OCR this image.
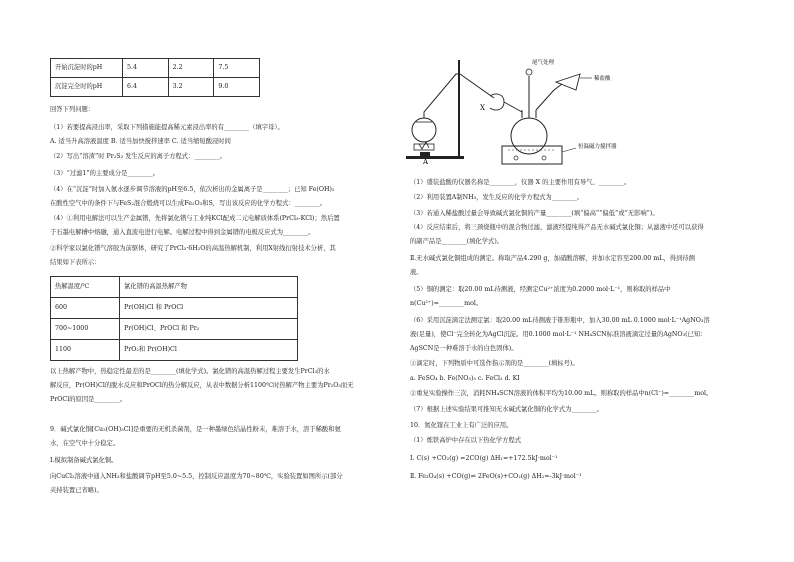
开始沉淀时的pH	5.4	2.2	7.5
沉淀完全时的pH	6.4	3.2	9.0
回答下列问题：
（1）若要提高浸出率，采取下列措施能提高稀元素浸出率的有________（填字母）。
A. 适当升高溶液温度 B. 适当加快搅拌速率 C. 适当缩短酸浸时间
（2）写出“溶渣”时 Pr₂S₃ 发生反应的离子方程式：________。
（3）“过滤1”的主要成分是________。
（4）在“沉淀”时加入氨水逐步调节溶液的pH至6.5，依次析出的金属离子是________；已知 Fe(OH)₂
在酸性空气中的条件下与FeS₂混合煅烧可以生成Fe₂O₃和S，写出该反应的化学方程式：________。
（4）①利用电解法可以生产金属镨，先将氯化镨与工业纯KCl配成二元电解质体系(PrCl₃-KCl)；然后置
于石墨电解槽中熔融，通入直流电进行电解。电解过程中得到金属镨的电极反应式为________。
②科学家以氯化镨气溶胶为前驱体，研究了PrCl₃·6H₂O的高温热解机制，利用X射线衍射技术分析，其
结果如下表所示：
热解温度/℃	氯化镨的高温热解产物
600	Pr(OH)Cl 和 PrOCl
700~1000	Pr(OH)Cl、PrOCl 和 Pr₂
1100	PrO₂和 Pr(OH)Cl
以上热解产物中，热稳定性最差的是________(填化学式)。氯化镨的高温热解过程主要发生PrCl₃的水
解反应，Pr(OH)Cl的脱水反应和PrOCl的热分解反应，从表中数据分析1100℃时热解产物主要为Pr₂O₃而无
PrOCl的原因是________。
9．碱式氯化铜[Cu₂(OH)₃Cl]是重要的无机杀菌剂，是一种墨绿色结晶性粉末，难溶于水，溶于稀酸和氨
水，在空气中十分稳定。
Ⅰ.模拟制备碱式氯化铜。
向CuCl₂溶液中通入NH₃和盐酸调节pH至5.0~5.5，控制反应温度为70~80℃，实验装置如图所示(部分
夹持装置已省略)。
A
X
尾气处理
稀盐酸
恒温磁力搅拌器
（1）盛装盐酸的仪器名称是________，仪器 X 的主要作用有导气、________。
（2）利用装置A制NH₃，发生反应的化学方程式为________。
（3）若通入稀盐酸过量会导致碱式氯化铜的产量________(填“偏高”“偏低”或“无影响”)。
（4）反应结束后，将三颈烧瓶中的混合物过滤，滤液经提纯得产品无水碱式氯化铜；从滤液中还可以获得
的副产品是________(填化学式)。
Ⅱ.无水碱式氯化铜组成的测定。称取产品4.290 g，加硝酸溶解，并加水定容至200.00 mL，得到待测
液。
（5）铜的测定：取20.00 mL待测液，经测定Cu²⁺浓度为0.2000 mol·L⁻¹，则称取的样品中
n(Cu²⁺)=________mol。
（6）采用沉淀滴定法测定氯：取20.00 mL待测液于锥形瓶中，加入30.00 mL 0.1000 mol·L⁻¹AgNO₃溶
液(足量)，使Cl⁻完全转化为AgCl沉淀。用0.1000 mol·L⁻¹ NH₄SCN标准溶液滴定过量的AgNO₃(已知：
AgSCN是一种难溶于水的白色固体)。
①滴定时，下列物质中可选作指示剂的是________(填标号)。
a. FeSO₄ b. Fe(NO₃)₃ c. FeCl₃ d. KI
②重复实验操作三次，消耗NH₄SCN溶液的体积平均为10.00 mL。则称取的样品中n(Cl⁻)=________mol。
（7）根据上述实验结果可推知无水碱式氯化铜的化学式为________。
10．氮化镓在工业上有广泛的应用。
（1）炼铁高炉中存在以下热化学方程式
Ⅰ. C(s) +CO₂(g) =2CO(g) ΔH₁=+172.5kJ·mol⁻¹
Ⅱ. Fe₃O₄(s) +CO(g)⇌ 2FeO(s)+CO₂(g) ΔH₂=-3kJ·mol⁻¹
